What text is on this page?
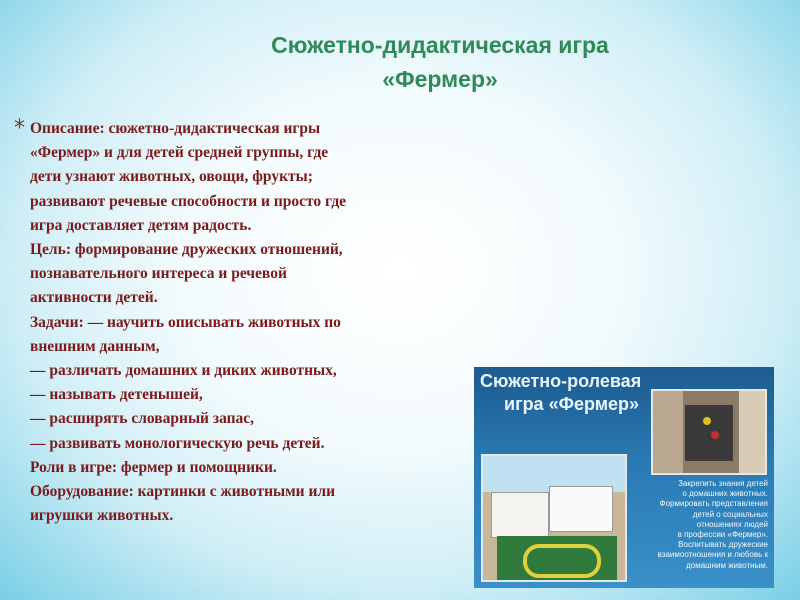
Сюжетно-дидактическая игра
«Фермер»
* Описание: сюжетно-дидактическая игры
«Фермер» и для детей средней группы, где
дети узнают животных, овощи, фрукты;
развивают речевые способности и просто где
игра доставляет детям радость.
Цель: формирование дружеских отношений,
познавательного интереса и речевой
активности детей.
Задачи: — научить описывать животных по
внешним данным,
— различать домашних и диких животных,
— называть детенышей,
— расширять словарный запас,
— развивать монологическую речь детей.
Роли в игре: фермер и помощники.
Оборудование: картинки с животными или
игрушки животных.
Сюжетно-ролевая
игра «Фермер»
Закрепить знания детей
о домашних животных.
Формировать представления
детей о социальных
отношениях людей
в профессии «Фермер».
Воспитывать дружеские
взаимоотношения и любовь к
домашним животным.
